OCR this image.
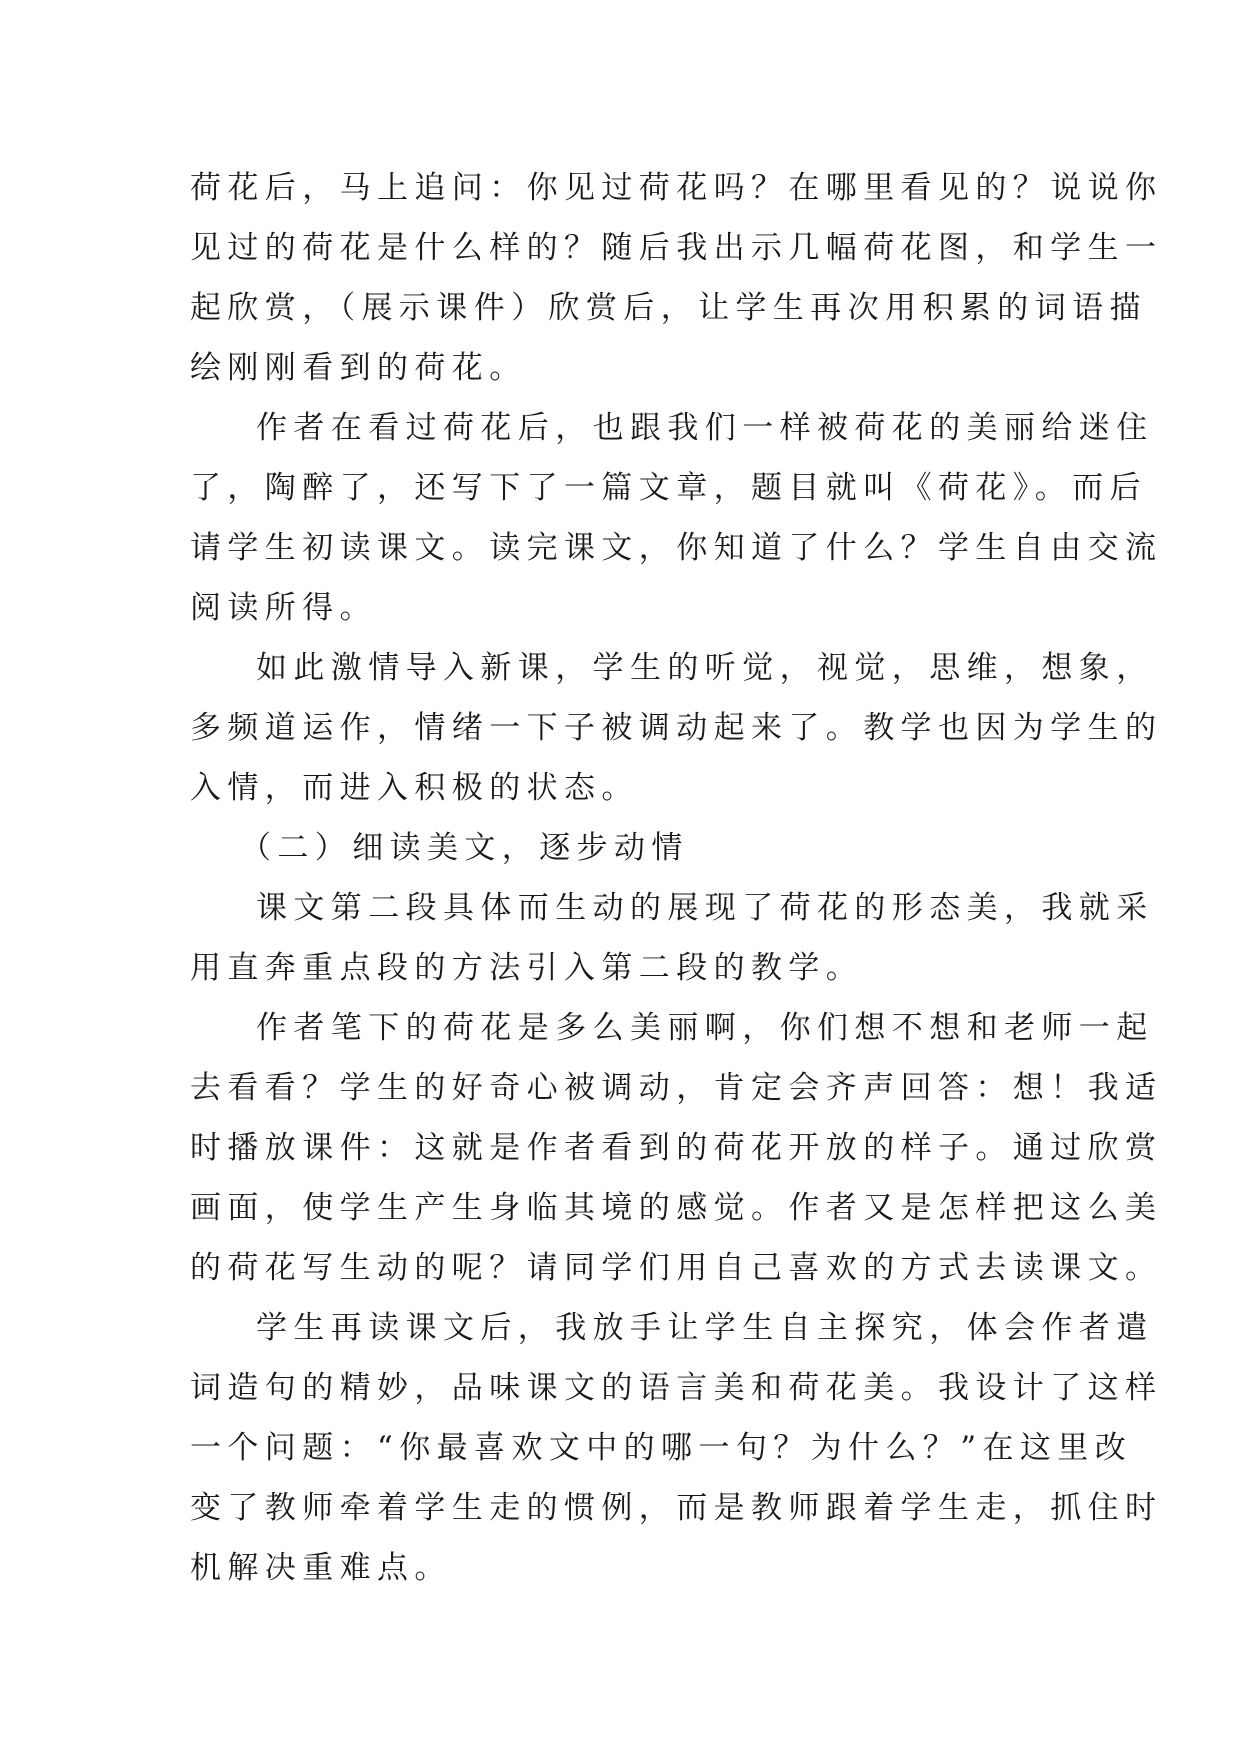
荷花后，马上追问：你见过荷花吗？在哪里看见的？说说你
见过的荷花是什么样的？随后我出示几幅荷花图，和学生一
起欣赏，（展示课件）欣赏后，让学生再次用积累的词语描
绘刚刚看到的荷花。
作者在看过荷花后，也跟我们一样被荷花的美丽给迷住
了，陶醉了，还写下了一篇文章，题目就叫《荷花》。而后
请学生初读课文。读完课文，你知道了什么？学生自由交流
阅读所得。
如此激情导入新课，学生的听觉，视觉，思维，想象，
多频道运作，情绪一下子被调动起来了。教学也因为学生的
入情，而进入积极的状态。
（二）细读美文，逐步动情
课文第二段具体而生动的展现了荷花的形态美，我就采
用直奔重点段的方法引入第二段的教学。
作者笔下的荷花是多么美丽啊，你们想不想和老师一起
去看看？学生的好奇心被调动，肯定会齐声回答：想！我适
时播放课件：这就是作者看到的荷花开放的样子。通过欣赏
画面，使学生产生身临其境的感觉。作者又是怎样把这么美
的荷花写生动的呢？请同学们用自己喜欢的方式去读课文。
学生再读课文后，我放手让学生自主探究，体会作者遣
词造句的精妙，品味课文的语言美和荷花美。我设计了这样
一个问题：“你最喜欢文中的哪一句？为什么？”在这里改
变了教师牵着学生走的惯例，而是教师跟着学生走，抓住时
机解决重难点。
